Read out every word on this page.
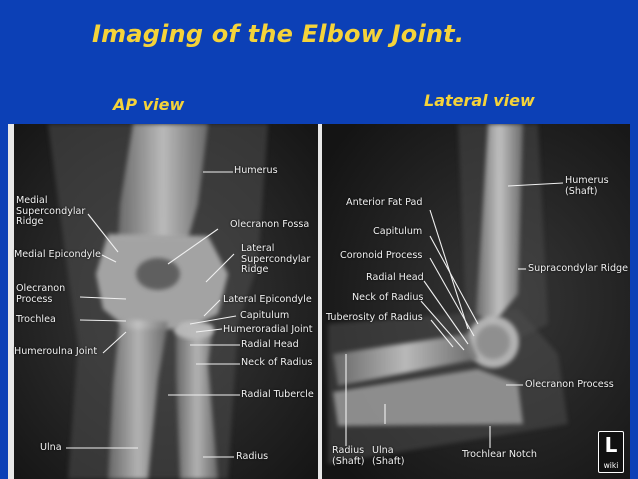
Imaging of the Elbow Joint.
AP view	Lateral view
Humerus
Medial
Supercondylar
Ridge	Olecranon Fossa
Lateral
Supercondylar
Ridge
Medial Epicondyle
Olecranon
Process	Lateral Epicondyle
Capitulum
Trochlea
Humeroradial Joint
Radial Head
Humeroulna Joint
Neck of Radius
Radial Tubercle
Ulna
Radius
Anterior Fat Pad
Humerus
(Shaft)
Capitulum
Coronoid Process
Radial Head
Supracondylar Ridge
Neck of Radius
Tuberosity of Radius
Olecranon Process
Radius
(Shaft)
Ulna
(Shaft)
Trochlear Notch	L
wiki
